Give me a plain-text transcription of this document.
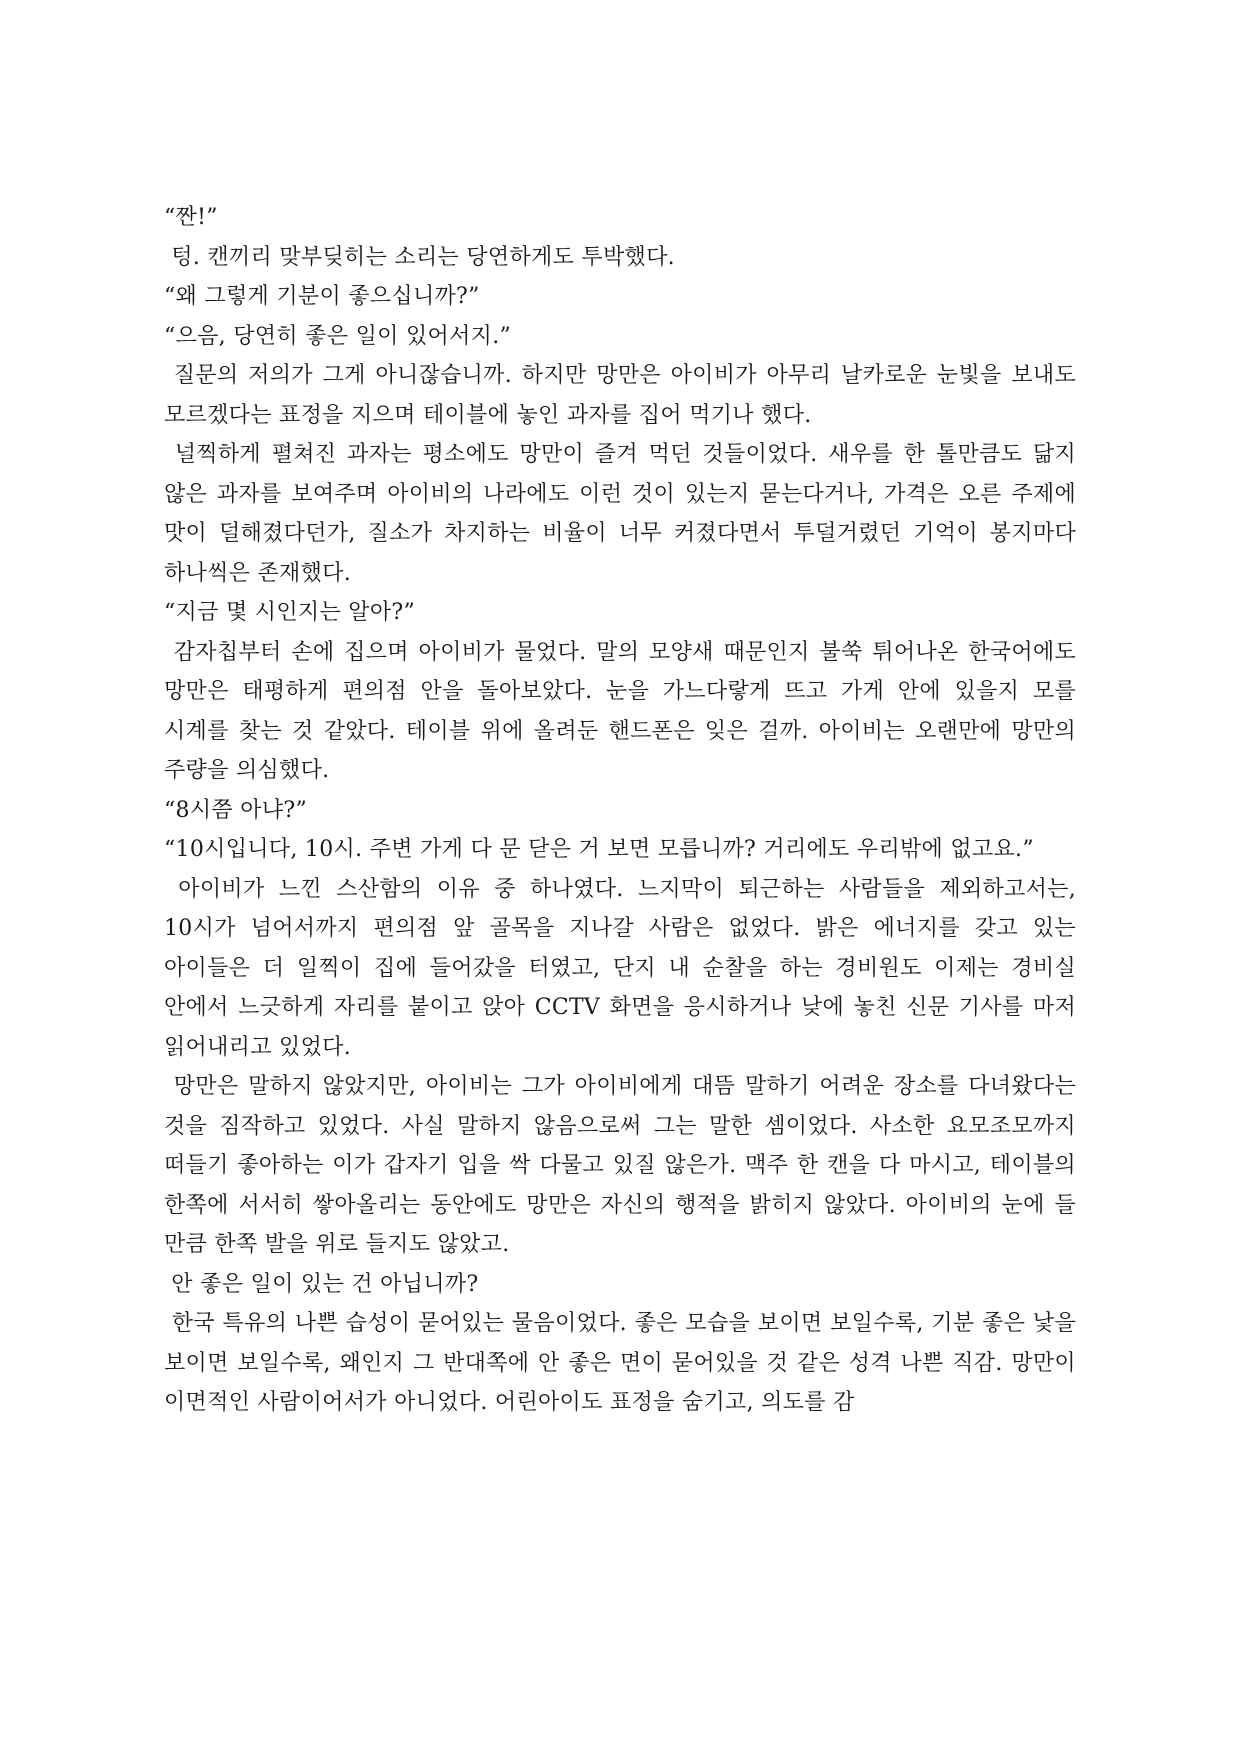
“짠!”

텅. 캔끼리 맞부딪히는 소리는 당연하게도 투박했다.

“왜 그렇게 기분이 좋으십니까?”

“으음, 당연히 좋은 일이 있어서지.”

질문의 저의가 그게 아니잖습니까. 하지만 망만은 아이비가 아무리 날카로운 눈빛을 보내도 모르겠다는 표정을 지으며 테이블에 놓인 과자를 집어 먹기나 했다.

널찍하게 펼쳐진 과자는 평소에도 망만이 즐겨 먹던 것들이었다. 새우를 한 톨만큼도 닮지 않은 과자를 보여주며 아이비의 나라에도 이런 것이 있는지 묻는다거나, 가격은 오른 주제에 맛이 덜해졌다던가, 질소가 차지하는 비율이 너무 커졌다면서 투덜거렸던 기억이 봉지마다 하나씩은 존재했다.

“지금 몇 시인지는 알아?”

감자칩부터 손에 집으며 아이비가 물었다. 말의 모양새 때문인지 불쑥 튀어나온 한국어에도 망만은 태평하게 편의점 안을 돌아보았다. 눈을 가느다랗게 뜨고 가게 안에 있을지 모를 시계를 찾는 것 같았다. 테이블 위에 올려둔 핸드폰은 잊은 걸까. 아이비는 오랜만에 망만의 주량을 의심했다.

“8시쯤 아냐?”

“10시입니다, 10시. 주변 가게 다 문 닫은 거 보면 모릅니까? 거리에도 우리밖에 없고요.”

아이비가 느낀 스산함의 이유 중 하나였다. 느지막이 퇴근하는 사람들을 제외하고서는, 10시가 넘어서까지 편의점 앞 골목을 지나갈 사람은 없었다. 밝은 에너지를 갖고 있는 아이들은 더 일찍이 집에 들어갔을 터였고, 단지 내 순찰을 하는 경비원도 이제는 경비실 안에서 느긋하게 자리를 붙이고 앉아 CCTV 화면을 응시하거나 낮에 놓친 신문 기사를 마저 읽어내리고 있었다.

망만은 말하지 않았지만, 아이비는 그가 아이비에게 대뜸 말하기 어려운 장소를 다녀왔다는 것을 짐작하고 있었다. 사실 말하지 않음으로써 그는 말한 셈이었다. 사소한 요모조모까지 떠들기 좋아하는 이가 갑자기 입을 싹 다물고 있질 않은가. 맥주 한 캔을 다 마시고, 테이블의 한쪽에 서서히 쌓아올리는 동안에도 망만은 자신의 행적을 밝히지 않았다. 아이비의 눈에 들 만큼 한쪽 발을 위로 들지도 않았고.

안 좋은 일이 있는 건 아닙니까?

한국 특유의 나쁜 습성이 묻어있는 물음이었다. 좋은 모습을 보이면 보일수록, 기분 좋은 낯을 보이면 보일수록, 왜인지 그 반대쪽에 안 좋은 면이 묻어있을 것 같은 성격 나쁜 직감. 망만이 이면적인 사람이어서가 아니었다. 어린아이도 표정을 숨기고, 의도를 감
